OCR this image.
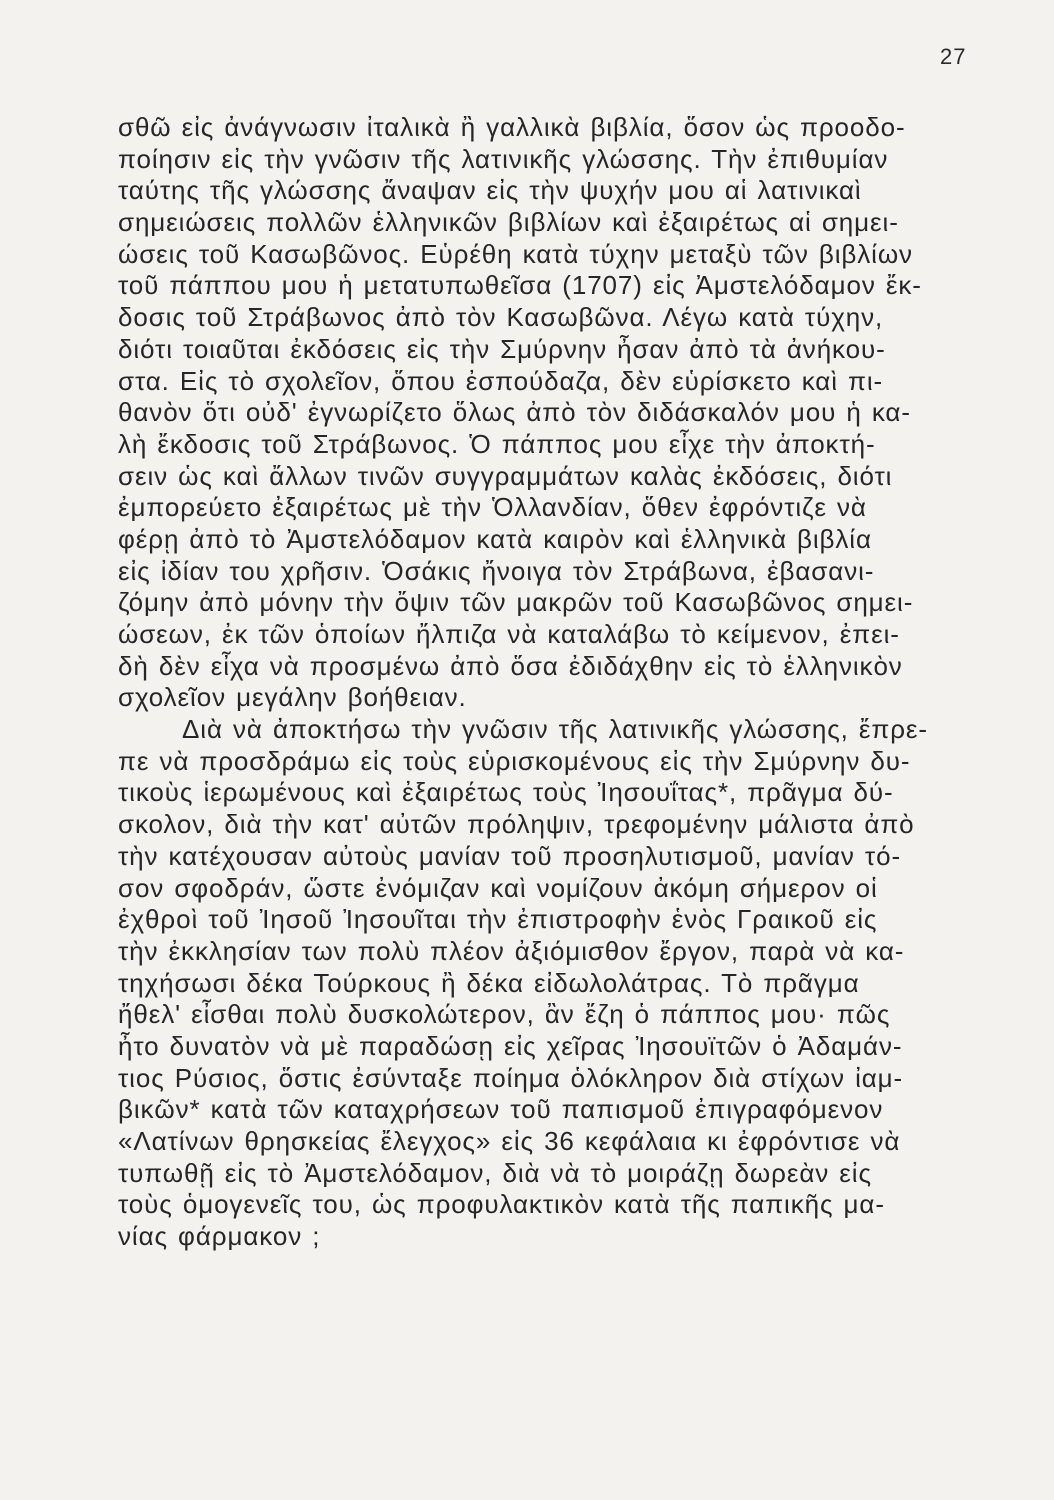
27
σθῶ εἰς ἀνάγνωσιν ἰταλικὰ ἢ γαλλικὰ βιβλία, ὅσον ὡς προοδο-
ποίησιν εἰς τὴν γνῶσιν τῆς λατινικῆς γλώσσης. Τὴν ἐπιθυμίαν
ταύτης τῆς γλώσσης ἄναψαν εἰς τὴν ψυχήν μου αἱ λατινικαὶ
σημειώσεις πολλῶν ἑλληνικῶν βιβλίων καὶ ἐξαιρέτως αἱ σημει-
ώσεις τοῦ Κασωβῶνος. Εὑρέθη κατὰ τύχην μεταξὺ τῶν βιβλίων
τοῦ πάππου μου ἡ μετατυπωθεῖσα (1707) εἰς Ἀμστελόδαμον ἔκ-
δοσις τοῦ Στράβωνος ἀπὸ τὸν Κασωβῶνα. Λέγω κατὰ τύχην,
διότι τοιαῦται ἐκδόσεις εἰς τὴν Σμύρνην ἦσαν ἀπὸ τὰ ἀνήκου-
στα. Εἰς τὸ σχολεῖον, ὅπου ἐσπούδαζα, δὲν εὑρίσκετο καὶ πι-
θανὸν ὅτι οὐδ' ἐγνωρίζετο ὅλως ἀπὸ τὸν διδάσκαλόν μου ἡ κα-
λὴ ἔκδοσις τοῦ Στράβωνος. Ὁ πάππος μου εἶχε τὴν ἀποκτή-
σειν ὡς καὶ ἄλλων τινῶν συγγραμμάτων καλὰς ἐκδόσεις, διότι
ἐμπορεύετο ἐξαιρέτως μὲ τὴν Ὁλλανδίαν, ὅθεν ἐφρόντιζε νὰ
φέρῃ ἀπὸ τὸ Ἀμστελόδαμον κατὰ καιρὸν καὶ ἑλληνικὰ βιβλία
εἰς ἰδίαν του χρῆσιν. Ὁσάκις ἤνοιγα τὸν Στράβωνα, ἐβασανι-
ζόμην ἀπὸ μόνην τὴν ὄψιν τῶν μακρῶν τοῦ Κασωβῶνος σημει-
ώσεων, ἐκ τῶν ὁποίων ἤλπιζα νὰ καταλάβω τὸ κείμενον, ἐπει-
δὴ δὲν εἶχα νὰ προσμένω ἀπὸ ὅσα ἐδιδάχθην εἰς τὸ ἑλληνικὸν
σχολεῖον μεγάλην βοήθειαν.
Διὰ νὰ ἀποκτήσω τὴν γνῶσιν τῆς λατινικῆς γλώσσης, ἔπρε-
πε νὰ προσδράμω εἰς τοὺς εὑρισκομένους εἰς τὴν Σμύρνην δυ-
τικοὺς ἱερωμένους καὶ ἐξαιρέτως τοὺς Ἰησουΐτας*, πρᾶγμα δύ-
σκολον, διὰ τὴν κατ' αὐτῶν πρόληψιν, τρεφομένην μάλιστα ἀπὸ
τὴν κατέχουσαν αὐτοὺς μανίαν τοῦ προσηλυτισμοῦ, μανίαν τό-
σον σφοδράν, ὥστε ἐνόμιζαν καὶ νομίζουν ἀκόμη σήμερον οἱ
ἐχθροὶ τοῦ Ἰησοῦ Ἰησουῖται τὴν ἐπιστροφὴν ἑνὸς Γραικοῦ εἰς
τὴν ἐκκλησίαν των πολὺ πλέον ἀξιόμισθον ἔργον, παρὰ νὰ κα-
τηχήσωσι δέκα Τούρκους ἢ δέκα εἰδωλολάτρας. Τὸ πρᾶγμα
ἤθελ' εἶσθαι πολὺ δυσκολώτερον, ἂν ἔζη ὁ πάππος μου· πῶς
ἦτο δυνατὸν νὰ μὲ παραδώσῃ εἰς χεῖρας Ἰησουϊτῶν ὁ Ἀδαμάν-
τιος Ρύσιος, ὅστις ἐσύνταξε ποίημα ὁλόκληρον διὰ στίχων ἰαμ-
βικῶν* κατὰ τῶν καταχρήσεων τοῦ παπισμοῦ ἐπιγραφόμενον
«Λατίνων θρησκείας ἔλεγχος» εἰς 36 κεφάλαια κι ἐφρόντισε νὰ
τυπωθῇ εἰς τὸ Ἀμστελόδαμον, διὰ νὰ τὸ μοιράζῃ δωρεὰν εἰς
τοὺς ὁμογενεῖς του, ὡς προφυλακτικὸν κατὰ τῆς παπικῆς μα-
νίας φάρμακον ;
